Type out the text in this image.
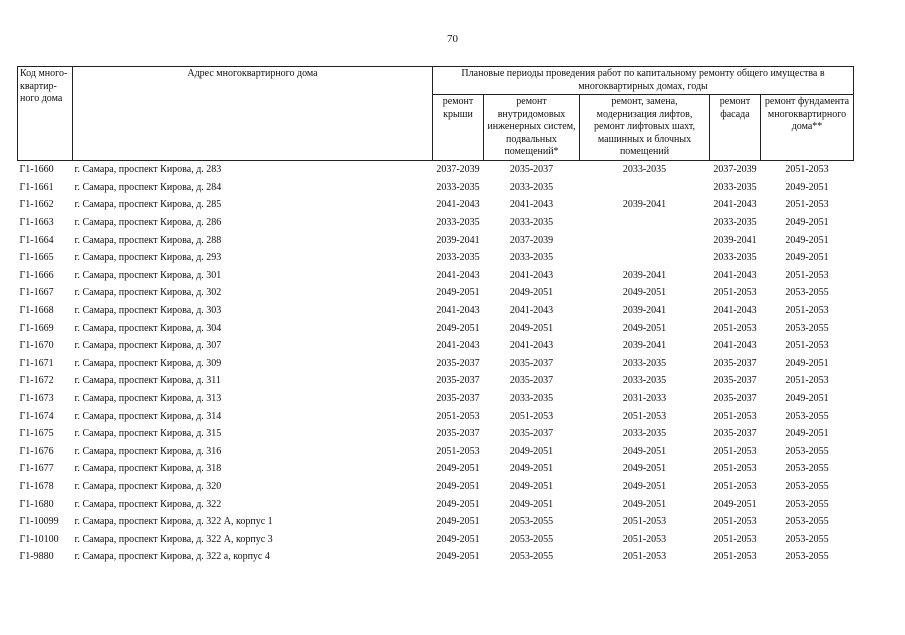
70
Код много-квартир-ного дома	Адрес многоквартирного дома	Плановые периоды проведения работ по капитальному ремонту общего имущества в многоквартирных домах, годы				
		ремонт крыши	ремонт внутридомовых инженерных систем, подвальных помещений*	ремонт, замена, модернизация лифтов, ремонт лифтовых шахт, машинных и блочных помещений	ремонт фасада	ремонт фундамента многоквартирного дома**
Г1-1660	г. Самара, проспект Кирова, д. 283	2037-2039	2035-2037	2033-2035	2037-2039	2051-2053
Г1-1661	г. Самара, проспект Кирова, д. 284	2033-2035	2033-2035		2033-2035	2049-2051
Г1-1662	г. Самара, проспект Кирова, д. 285	2041-2043	2041-2043	2039-2041	2041-2043	2051-2053
Г1-1663	г. Самара, проспект Кирова, д. 286	2033-2035	2033-2035		2033-2035	2049-2051
Г1-1664	г. Самара, проспект Кирова, д. 288	2039-2041	2037-2039		2039-2041	2049-2051
Г1-1665	г. Самара, проспект Кирова, д. 293	2033-2035	2033-2035		2033-2035	2049-2051
Г1-1666	г. Самара, проспект Кирова, д. 301	2041-2043	2041-2043	2039-2041	2041-2043	2051-2053
Г1-1667	г. Самара, проспект Кирова, д. 302	2049-2051	2049-2051	2049-2051	2051-2053	2053-2055
Г1-1668	г. Самара, проспект Кирова, д. 303	2041-2043	2041-2043	2039-2041	2041-2043	2051-2053
Г1-1669	г. Самара, проспект Кирова, д. 304	2049-2051	2049-2051	2049-2051	2051-2053	2053-2055
Г1-1670	г. Самара, проспект Кирова, д. 307	2041-2043	2041-2043	2039-2041	2041-2043	2051-2053
Г1-1671	г. Самара, проспект Кирова, д. 309	2035-2037	2035-2037	2033-2035	2035-2037	2049-2051
Г1-1672	г. Самара, проспект Кирова, д. 311	2035-2037	2035-2037	2033-2035	2035-2037	2051-2053
Г1-1673	г. Самара, проспект Кирова, д. 313	2035-2037	2033-2035	2031-2033	2035-2037	2049-2051
Г1-1674	г. Самара, проспект Кирова, д. 314	2051-2053	2051-2053	2051-2053	2051-2053	2053-2055
Г1-1675	г. Самара, проспект Кирова, д. 315	2035-2037	2035-2037	2033-2035	2035-2037	2049-2051
Г1-1676	г. Самара, проспект Кирова, д. 316	2051-2053	2049-2051	2049-2051	2051-2053	2053-2055
Г1-1677	г. Самара, проспект Кирова, д. 318	2049-2051	2049-2051	2049-2051	2051-2053	2053-2055
Г1-1678	г. Самара, проспект Кирова, д. 320	2049-2051	2049-2051	2049-2051	2051-2053	2053-2055
Г1-1680	г. Самара, проспект Кирова, д. 322	2049-2051	2049-2051	2049-2051	2049-2051	2053-2055
Г1-10099	г. Самара, проспект Кирова, д. 322 А, корпус 1	2049-2051	2053-2055	2051-2053	2051-2053	2053-2055
Г1-10100	г. Самара, проспект Кирова, д. 322 А, корпус 3	2049-2051	2053-2055	2051-2053	2051-2053	2053-2055
Г1-9880	г. Самара, проспект Кирова, д. 322 а, корпус 4	2049-2051	2053-2055	2051-2053	2051-2053	2053-2055
